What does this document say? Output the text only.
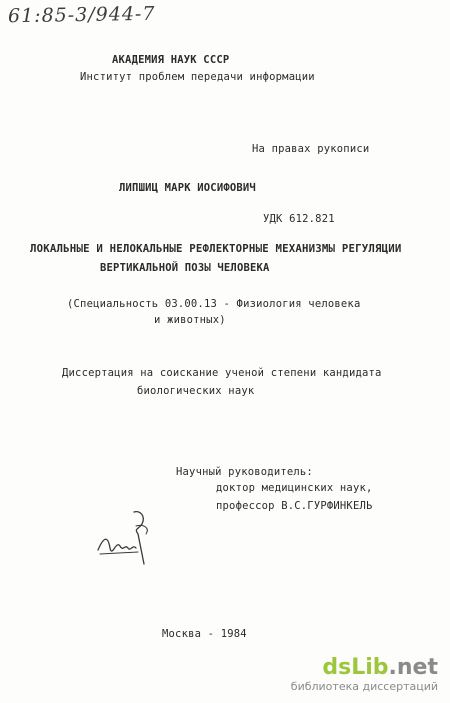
61:85-3/944-7
АКАДЕМИЯ НАУК СССР
Институт проблем передачи информации
На правах рукописи
ЛИПШИЦ МАРК ИОСИФОВИЧ
УДК 612.821
ЛОКАЛЬНЫЕ И НЕЛОКАЛЬНЫЕ РЕФЛЕКТОРНЫЕ МЕХАНИЗМЫ РЕГУЛЯЦИИ
ВЕРТИКАЛЬНОЙ ПОЗЫ ЧЕЛОВЕКА
(Специальность 03.00.13 - Физиология человека
и животных)
Диссертация на соискание ученой степени кандидата
биологических наук
Научный руководитель:
доктор медицинских наук,
профессор В.С.ГУРФИНКЕЛЬ
Москва - 1984
dsLib.net
библиотека диссертаций
